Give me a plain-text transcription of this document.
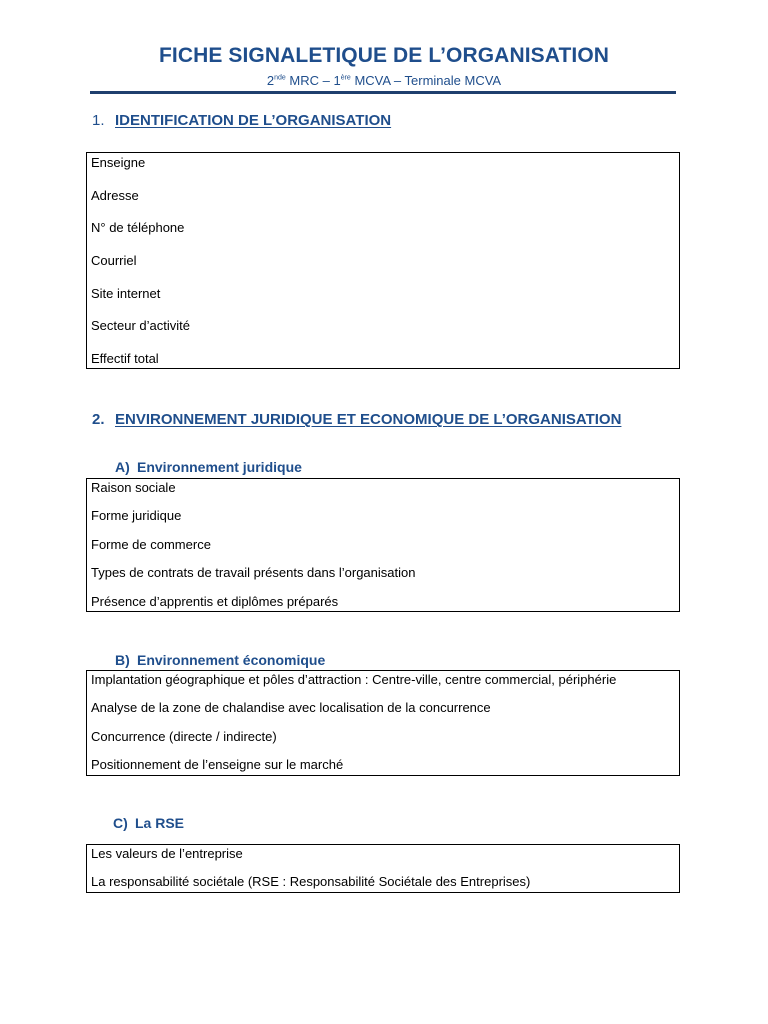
FICHE SIGNALETIQUE DE L’ORGANISATION
2nde MRC – 1ère MCVA – Terminale MCVA
1. IDENTIFICATION DE L’ORGANISATION
Enseigne
Adresse
N° de téléphone
Courriel
Site internet
Secteur d’activité
Effectif total
2. ENVIRONNEMENT JURIDIQUE ET ECONOMIQUE DE L’ORGANISATION
A) Environnement juridique
Raison sociale
Forme juridique
Forme de commerce
Types de contrats de travail présents dans l’organisation
Présence d’apprentis et diplômes préparés
B) Environnement économique
Implantation géographique et pôles d’attraction : Centre-ville, centre commercial, périphérie
Analyse de la zone de chalandise avec localisation de la concurrence
Concurrence (directe / indirecte)
Positionnement de l’enseigne sur le marché
C) La RSE
Les valeurs de l’entreprise
La responsabilité sociétale (RSE : Responsabilité Sociétale des Entreprises)
